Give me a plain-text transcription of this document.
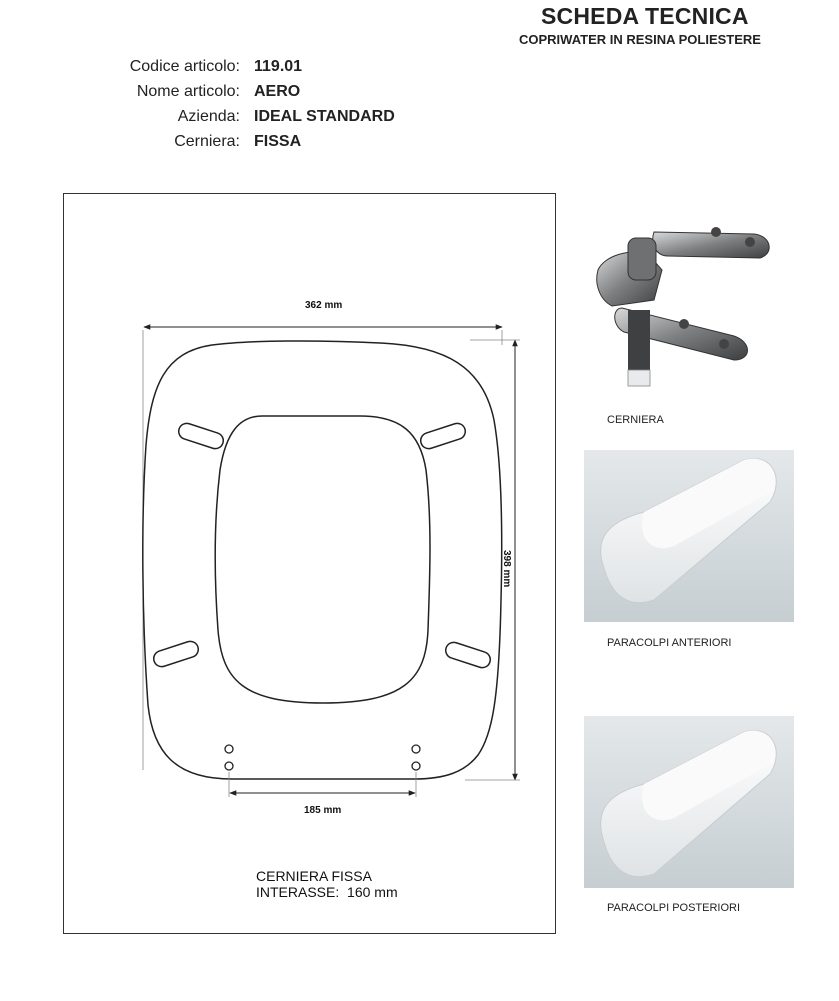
SCHEDA TECNICA
COPRIWATER IN RESINA POLIESTERE
Codice articolo: 119.01
Nome articolo: AERO
Azienda: IDEAL STANDARD
Cerniera: FISSA
362 mm
398 mm
185 mm
CERNIERA FISSA
INTERASSE: 160 mm
CERNIERA
PARACOLPI ANTERIORI
PARACOLPI POSTERIORI
